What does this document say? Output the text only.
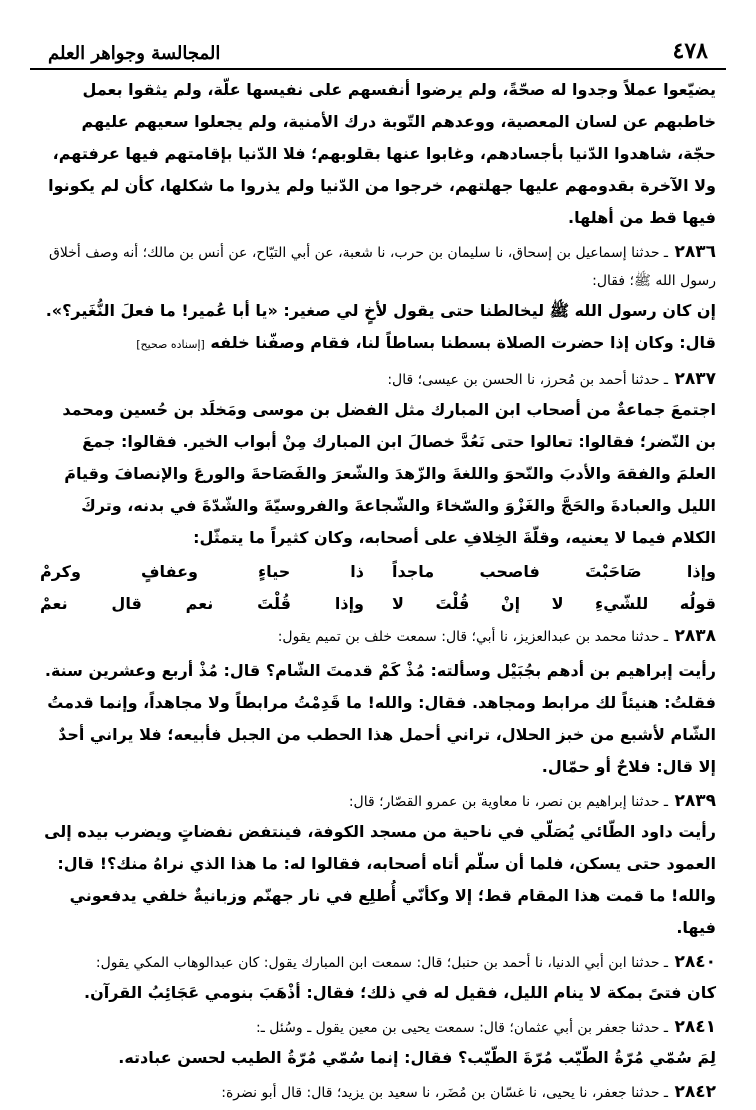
٤٧٨
المجالسة وجواهر العلم

يضيّعوا عملاً وجدوا له صحّةً، ولم يرضوا أنفسهم على نفيسها علّة، ولم يثقوا بعمل خاطبهم عن لسان المعصية، ووعدهم التّوبة درك الأمنية، ولم يجعلوا سعيهم عليهم حجّة، شاهدوا الدّنيا بأجسادهم، وغابوا عنها بقلوبهم؛ فلا الدّنيا بإقامتهم فيها عرفتهم، ولا الآخرة بقدومهم عليها جهلتهم، خرجوا من الدّنيا ولم يذروا ما شكلها، كأن لم يكونوا فيها قط من أهلها.

٢٨٣٦ ـ حدثنا إسماعيل بن إسحاق، نا سليمان بن حرب، نا شعبة، عن أبي التيّاح، عن أنس بن مالك؛ أنه وصف أخلاق رسول الله ﷺ؛ فقال:

إن كان رسول الله ﷺ ليخالطنا حتى يقول لأخٍ لي صغير: «يا أبا عُمير! ما فعلَ النُّغَير؟». قال: وكان إذا حضرت الصلاة بسطنا بساطاً لنا، فقام وصفّنا خلفه [إسناده صحيح]

٢٨٣٧ ـ حدثنا أحمد بن مُحرز، نا الحسن بن عيسى؛ قال:

اجتمعَ جماعةٌ من أصحاب ابن المبارك مثل الفضل بن موسى ومَخلَد بن حُسين ومحمد بن النّضر؛ فقالوا: تعالوا حتى نَعُدَّ خصالَ ابن المبارك مِنْ أبواب الخير. فقالوا: جمعَ العلمَ والفقهَ والأدبَ والنّحوَ واللغةَ والزّهدَ والشّعرَ والفَصَاحةَ والورعَ والإنصافَ وقيامَ الليل والعبادةَ والحَجَّ والغَزْوَ والسّخاءَ والشّجاعةَ والفروسيّةَ والشّدّةَ في بدنه، وتركَ الكلام فيما لا يعنيه، وقلّةَ الخِلافِ على أصحابه، وكان كثيراً ما يتمثّل:

وإذا صَاحَبْتَ فاصحب ماجداً
ذا حياءٍ وعفافٍ وكرمْ
قولُه للشّيءِ لا إنْ قُلْتَ لا
وإذا قُلْتَ نعم قال نعمْ

٢٨٣٨ ـ حدثنا محمد بن عبدالعزيز، نا أبي؛ قال: سمعت خلف بن تميم يقول:

رأيت إبراهيم بن أدهم بجُبَيْل وسألته: مُذْ كَمْ قدمتَ الشّام؟ قال: مُذْ أربع وعشرين سنة. فقلتُ: هنيئاً لك مرابط ومجاهد. فقال: والله! ما قَدِمْتُ مرابطاً ولا مجاهداً، وإنما قدمتُ الشّام لأشبع من خبز الحلال، تراني أحمل هذا الحطب من الجبل فأبيعه؛ فلا يراني أحدٌ إلا قال: فلاحٌ أو حمّال.

٢٨٣٩ ـ حدثنا إبراهيم بن نصر، نا معاوية بن عمرو القصّار؛ قال:

رأيت داود الطّائي يُصَلّي في ناحية من مسجد الكوفة، فينتفض نفضاتٍ ويضرب بيده إلى العمود حتى يسكن، فلما أن سلّم أتاه أصحابه، فقالوا له: ما هذا الذي نراهُ منك؟! قال: والله! ما قمت هذا المقام قط؛ إلا وكأنّي أُطلِع في نار جهنّم وزبانيةٌ خلفي يدفعوني فيها.

٢٨٤٠ ـ حدثنا ابن أبي الدنيا، نا أحمد بن حنبل؛ قال: سمعت ابن المبارك يقول: كان عبدالوهاب المكي يقول:

كان فتىً بمكة لا ينام الليل، فقيل له في ذلك؛ فقال: أذْهَبَ بنومي عَجَائِبُ القرآن.

٢٨٤١ ـ حدثنا جعفر بن أبي عثمان؛ قال: سمعت يحيى بن معين يقول ـ وسُئل ـ:

لِمَ سُمّي مُرّةُ الطّيّب مُرّةَ الطّيّب؟ فقال: إنما سُمّي مُرّةُ الطيب لحسن عبادته.

٢٨٤٢ ـ حدثنا جعفر، نا يحيى، نا غسّان بن مُضَر، نا سعيد بن يزيد؛ قال: قال أبو نضرة:
